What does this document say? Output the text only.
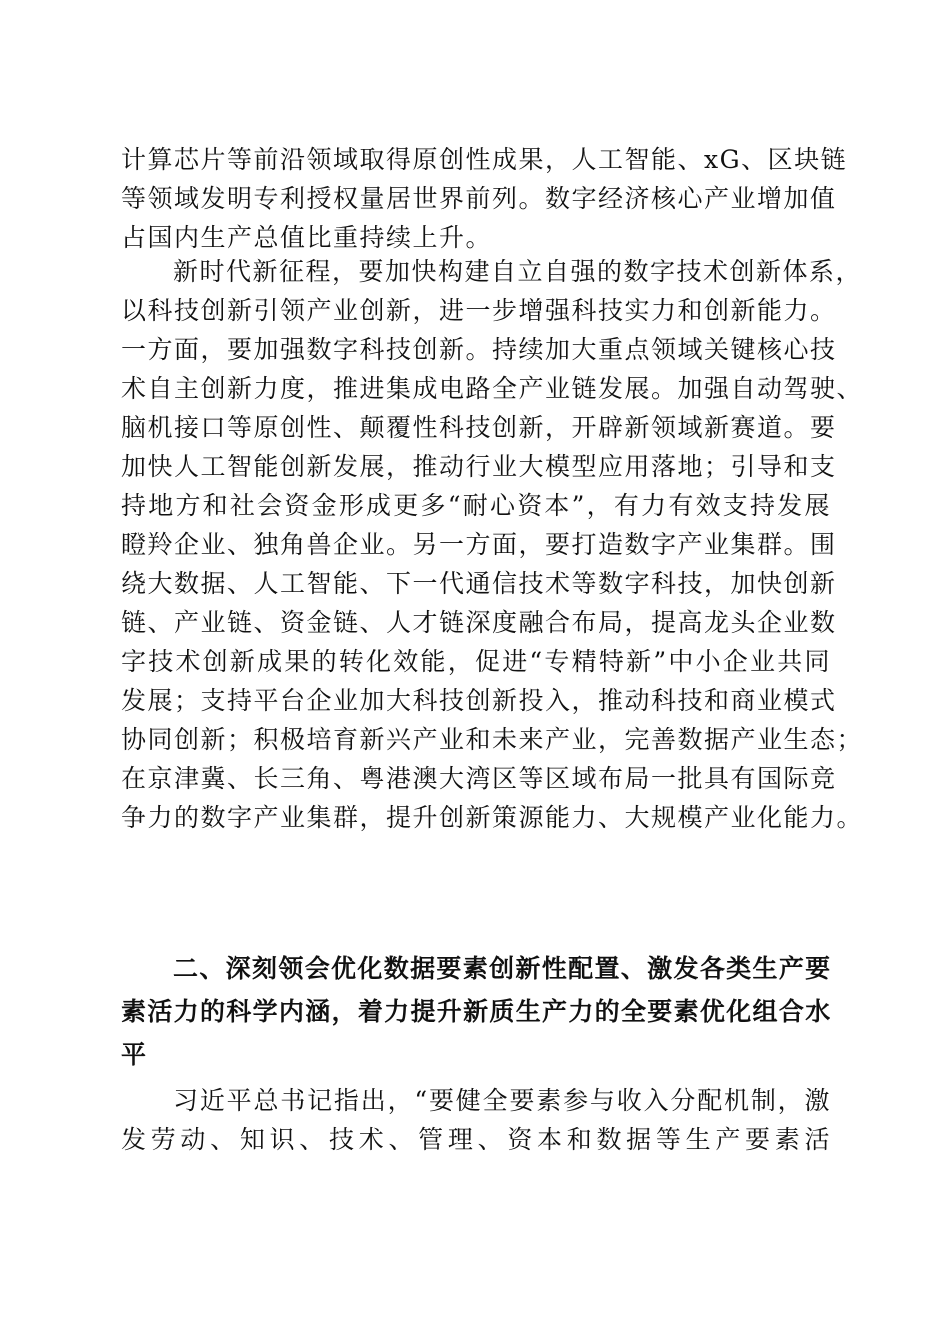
计算芯片等前沿领域取得原创性成果，人工智能、xG、区块链
等领域发明专利授权量居世界前列。数字经济核心产业增加值
占国内生产总值比重持续上升。
新时代新征程，要加快构建自立自强的数字技术创新体系，
以科技创新引领产业创新，进一步增强科技实力和创新能力。
一方面，要加强数字科技创新。持续加大重点领域关键核心技
术自主创新力度，推进集成电路全产业链发展。加强自动驾驶、
脑机接口等原创性、颠覆性科技创新，开辟新领域新赛道。要
加快人工智能创新发展，推动行业大模型应用落地；引导和支
持地方和社会资金形成更多“耐心资本”，有力有效支持发展
瞪羚企业、独角兽企业。另一方面，要打造数字产业集群。围
绕大数据、人工智能、下一代通信技术等数字科技，加快创新
链、产业链、资金链、人才链深度融合布局，提高龙头企业数
字技术创新成果的转化效能，促进“专精特新”中小企业共同
发展；支持平台企业加大科技创新投入，推动科技和商业模式
协同创新；积极培育新兴产业和未来产业，完善数据产业生态；
在京津冀、长三角、粤港澳大湾区等区域布局一批具有国际竞
争力的数字产业集群，提升创新策源能力、大规模产业化能力。
二、深刻领会优化数据要素创新性配置、激发各类生产要
素活力的科学内涵，着力提升新质生产力的全要素优化组合水
平
习近平总书记指出，“要健全要素参与收入分配机制，激
发劳动、知识、技术、管理、资本和数据等生产要素活
